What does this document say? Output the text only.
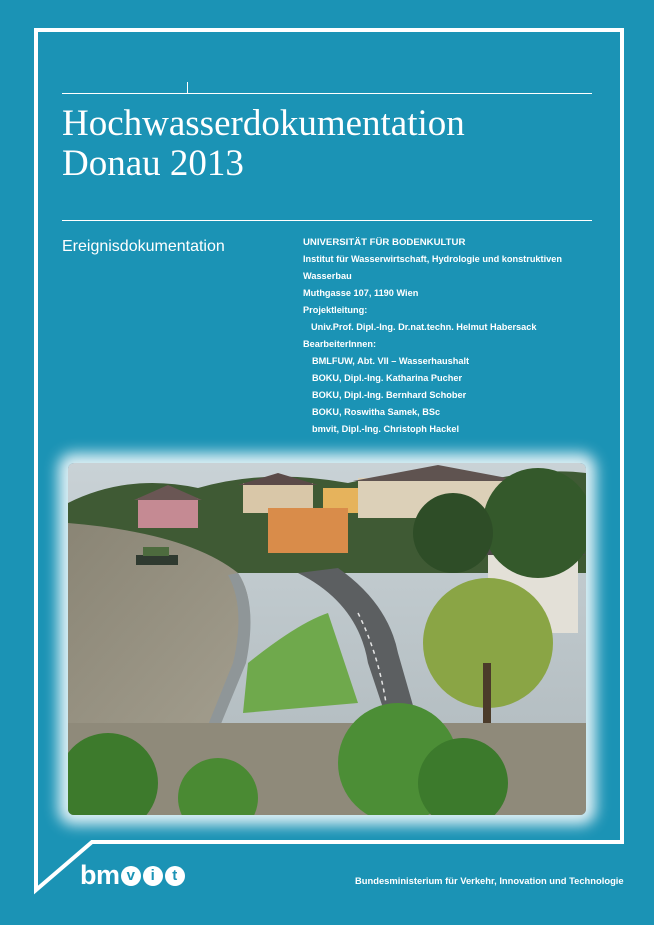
Hochwasserdokumentation
Donau 2013
Ereignisdokumentation	UNIVERSITÄT FÜR BODENKULTUR
Institut für Wasserwirtschaft, Hydrologie und konstruktiven
Wasserbau
Muthgasse 107, 1190 Wien
Projektleitung:
Univ.Prof. Dipl.-Ing. Dr.nat.techn. Helmut Habersack
BearbeiterInnen:
BMLFUW, Abt. VII – Wasserhaushalt
BOKU, Dipl.-Ing. Katharina Pucher
BOKU, Dipl.-Ing. Bernhard Schober
BOKU, Roswitha Samek, BSc
bmvit, Dipl.-Ing. Christoph Hackel
bm v	i	t	Bundesministerium für Verkehr, Innovation und Technologie
